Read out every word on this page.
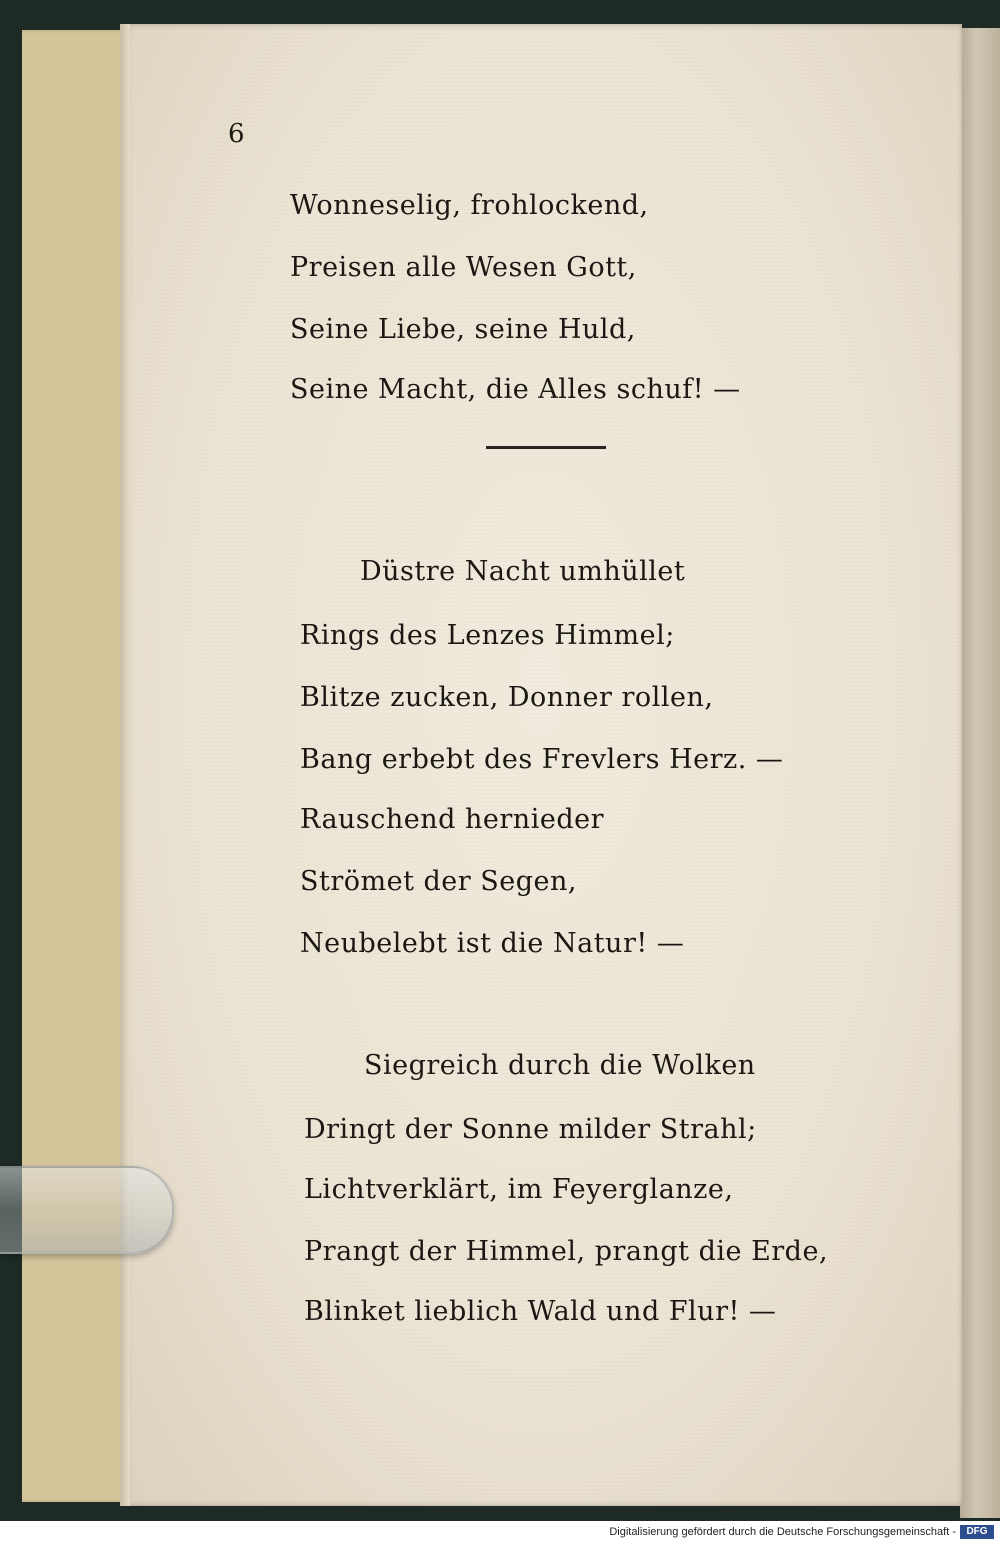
6
Wonneselig, frohlockend,
Preisen alle Wesen Gott,
Seine Liebe, seine Huld,
Seine Macht, die Alles schuf! —
Düstre Nacht umhüllet
Rings des Lenzes Himmel;
Blitze zucken, Donner rollen,
Bang erbebt des Frevlers Herz. —
Rauschend hernieder
Strömet der Segen,
Neubelebt ist die Natur! —
Siegreich durch die Wolken
Dringt der Sonne milder Strahl;
Lichtverklärt, im Feyerglanze,
Prangt der Himmel, prangt die Erde,
Blinket lieblich Wald und Flur! —
Digitalisierung gefördert durch die Deutsche Forschungsgemeinschaft -	DFG
